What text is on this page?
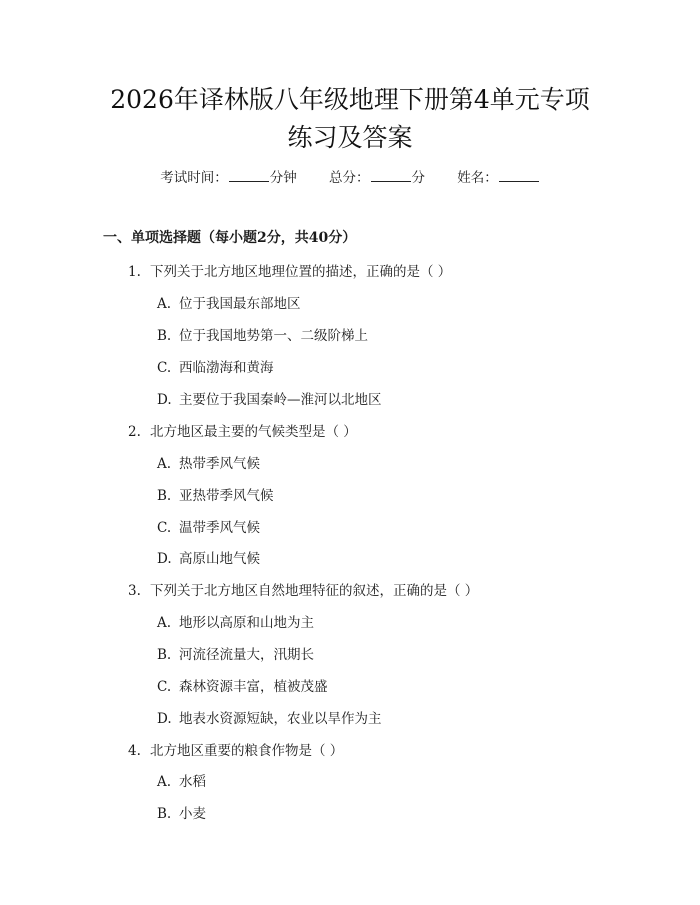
2026年译林版八年级地理下册第4单元专项
练习及答案
考试时间：	分钟 总分：	分 姓名：
一、单项选择题（每小题2分，共40分）
1. 下列关于北方地区地理位置的描述，正确的是（ ）
A. 位于我国最东部地区
B. 位于我国地势第一、二级阶梯上
C. 西临渤海和黄海
D. 主要位于我国秦岭—淮河以北地区
2. 北方地区最主要的气候类型是（ ）
A. 热带季风气候
B. 亚热带季风气候
C. 温带季风气候
D. 高原山地气候
3. 下列关于北方地区自然地理特征的叙述，正确的是（ ）
A. 地形以高原和山地为主
B. 河流径流量大，汛期长
C. 森林资源丰富，植被茂盛
D. 地表水资源短缺，农业以旱作为主
4. 北方地区重要的粮食作物是（ ）
A. 水稻
B. 小麦
